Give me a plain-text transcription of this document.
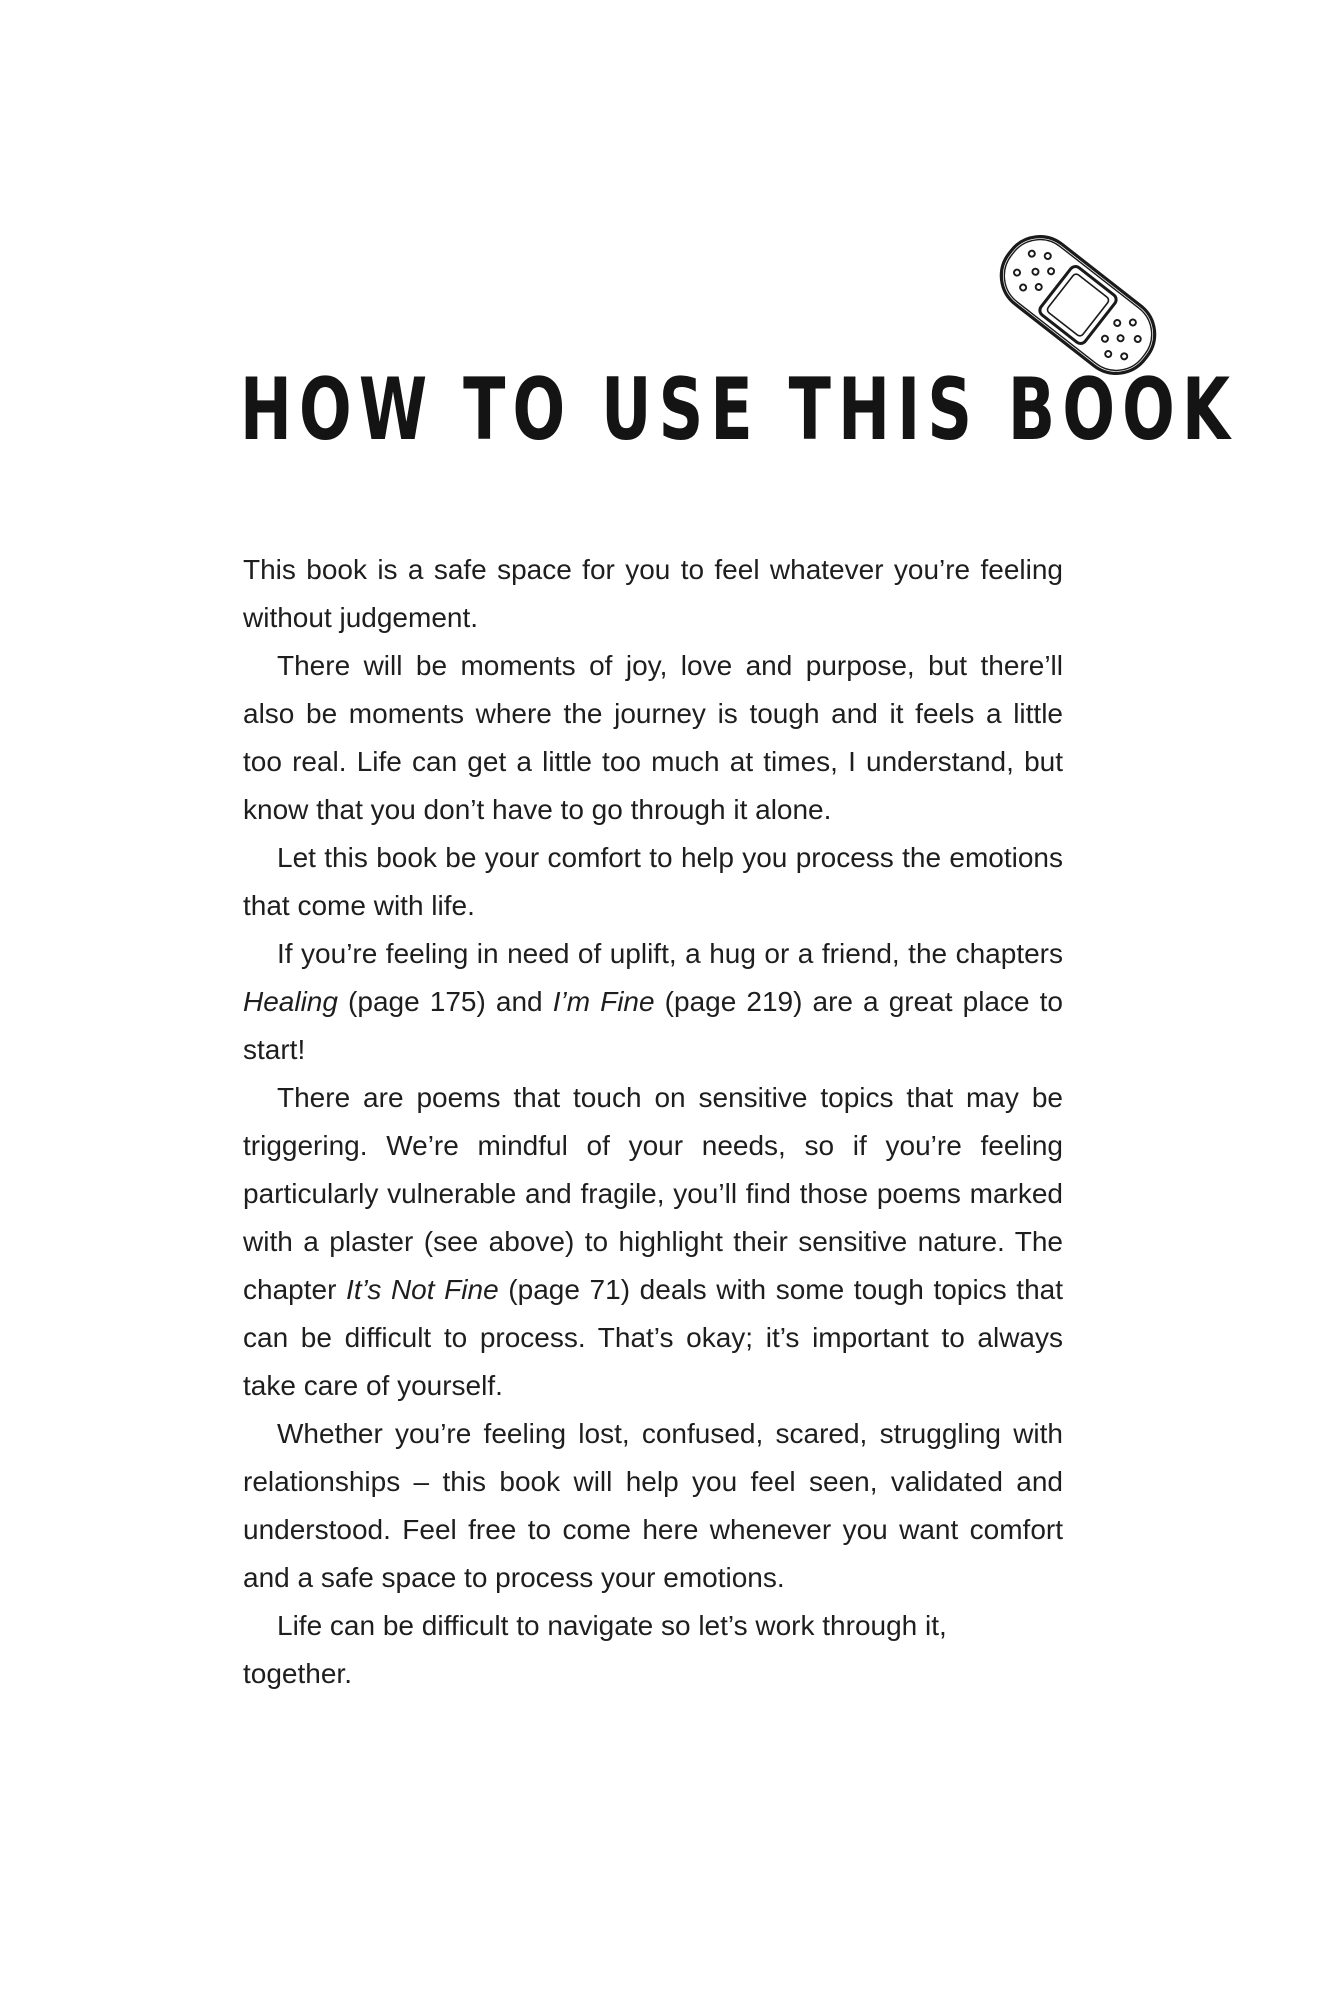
HOW TO USE THIS BOOK

This book is a safe space for you to feel whatever you’re feeling without judgement.

There will be moments of joy, love and purpose, but there’ll also be moments where the journey is tough and it feels a little too real. Life can get a little too much at times, I understand, but know that you don’t have to go through it alone.

Let this book be your comfort to help you process the emotions that come with life.

If you’re feeling in need of uplift, a hug or a friend, the chapters Healing (page 175) and I’m Fine (page 219) are a great place to start!

There are poems that touch on sensitive topics that may be triggering. We’re mindful of your needs, so if you’re feeling particularly vulnerable and fragile, you’ll find those poems marked with a plaster (see above) to highlight their sensitive nature. The chapter It’s Not Fine (page 71) deals with some tough topics that can be difficult to process. That’s okay; it’s important to always take care of yourself.

Whether you’re feeling lost, confused, scared, struggling with relationships – this book will help you feel seen, validated and understood. Feel free to come here whenever you want comfort and a safe space to process your emotions.

Life can be difficult to navigate so let’s work through it, together.
